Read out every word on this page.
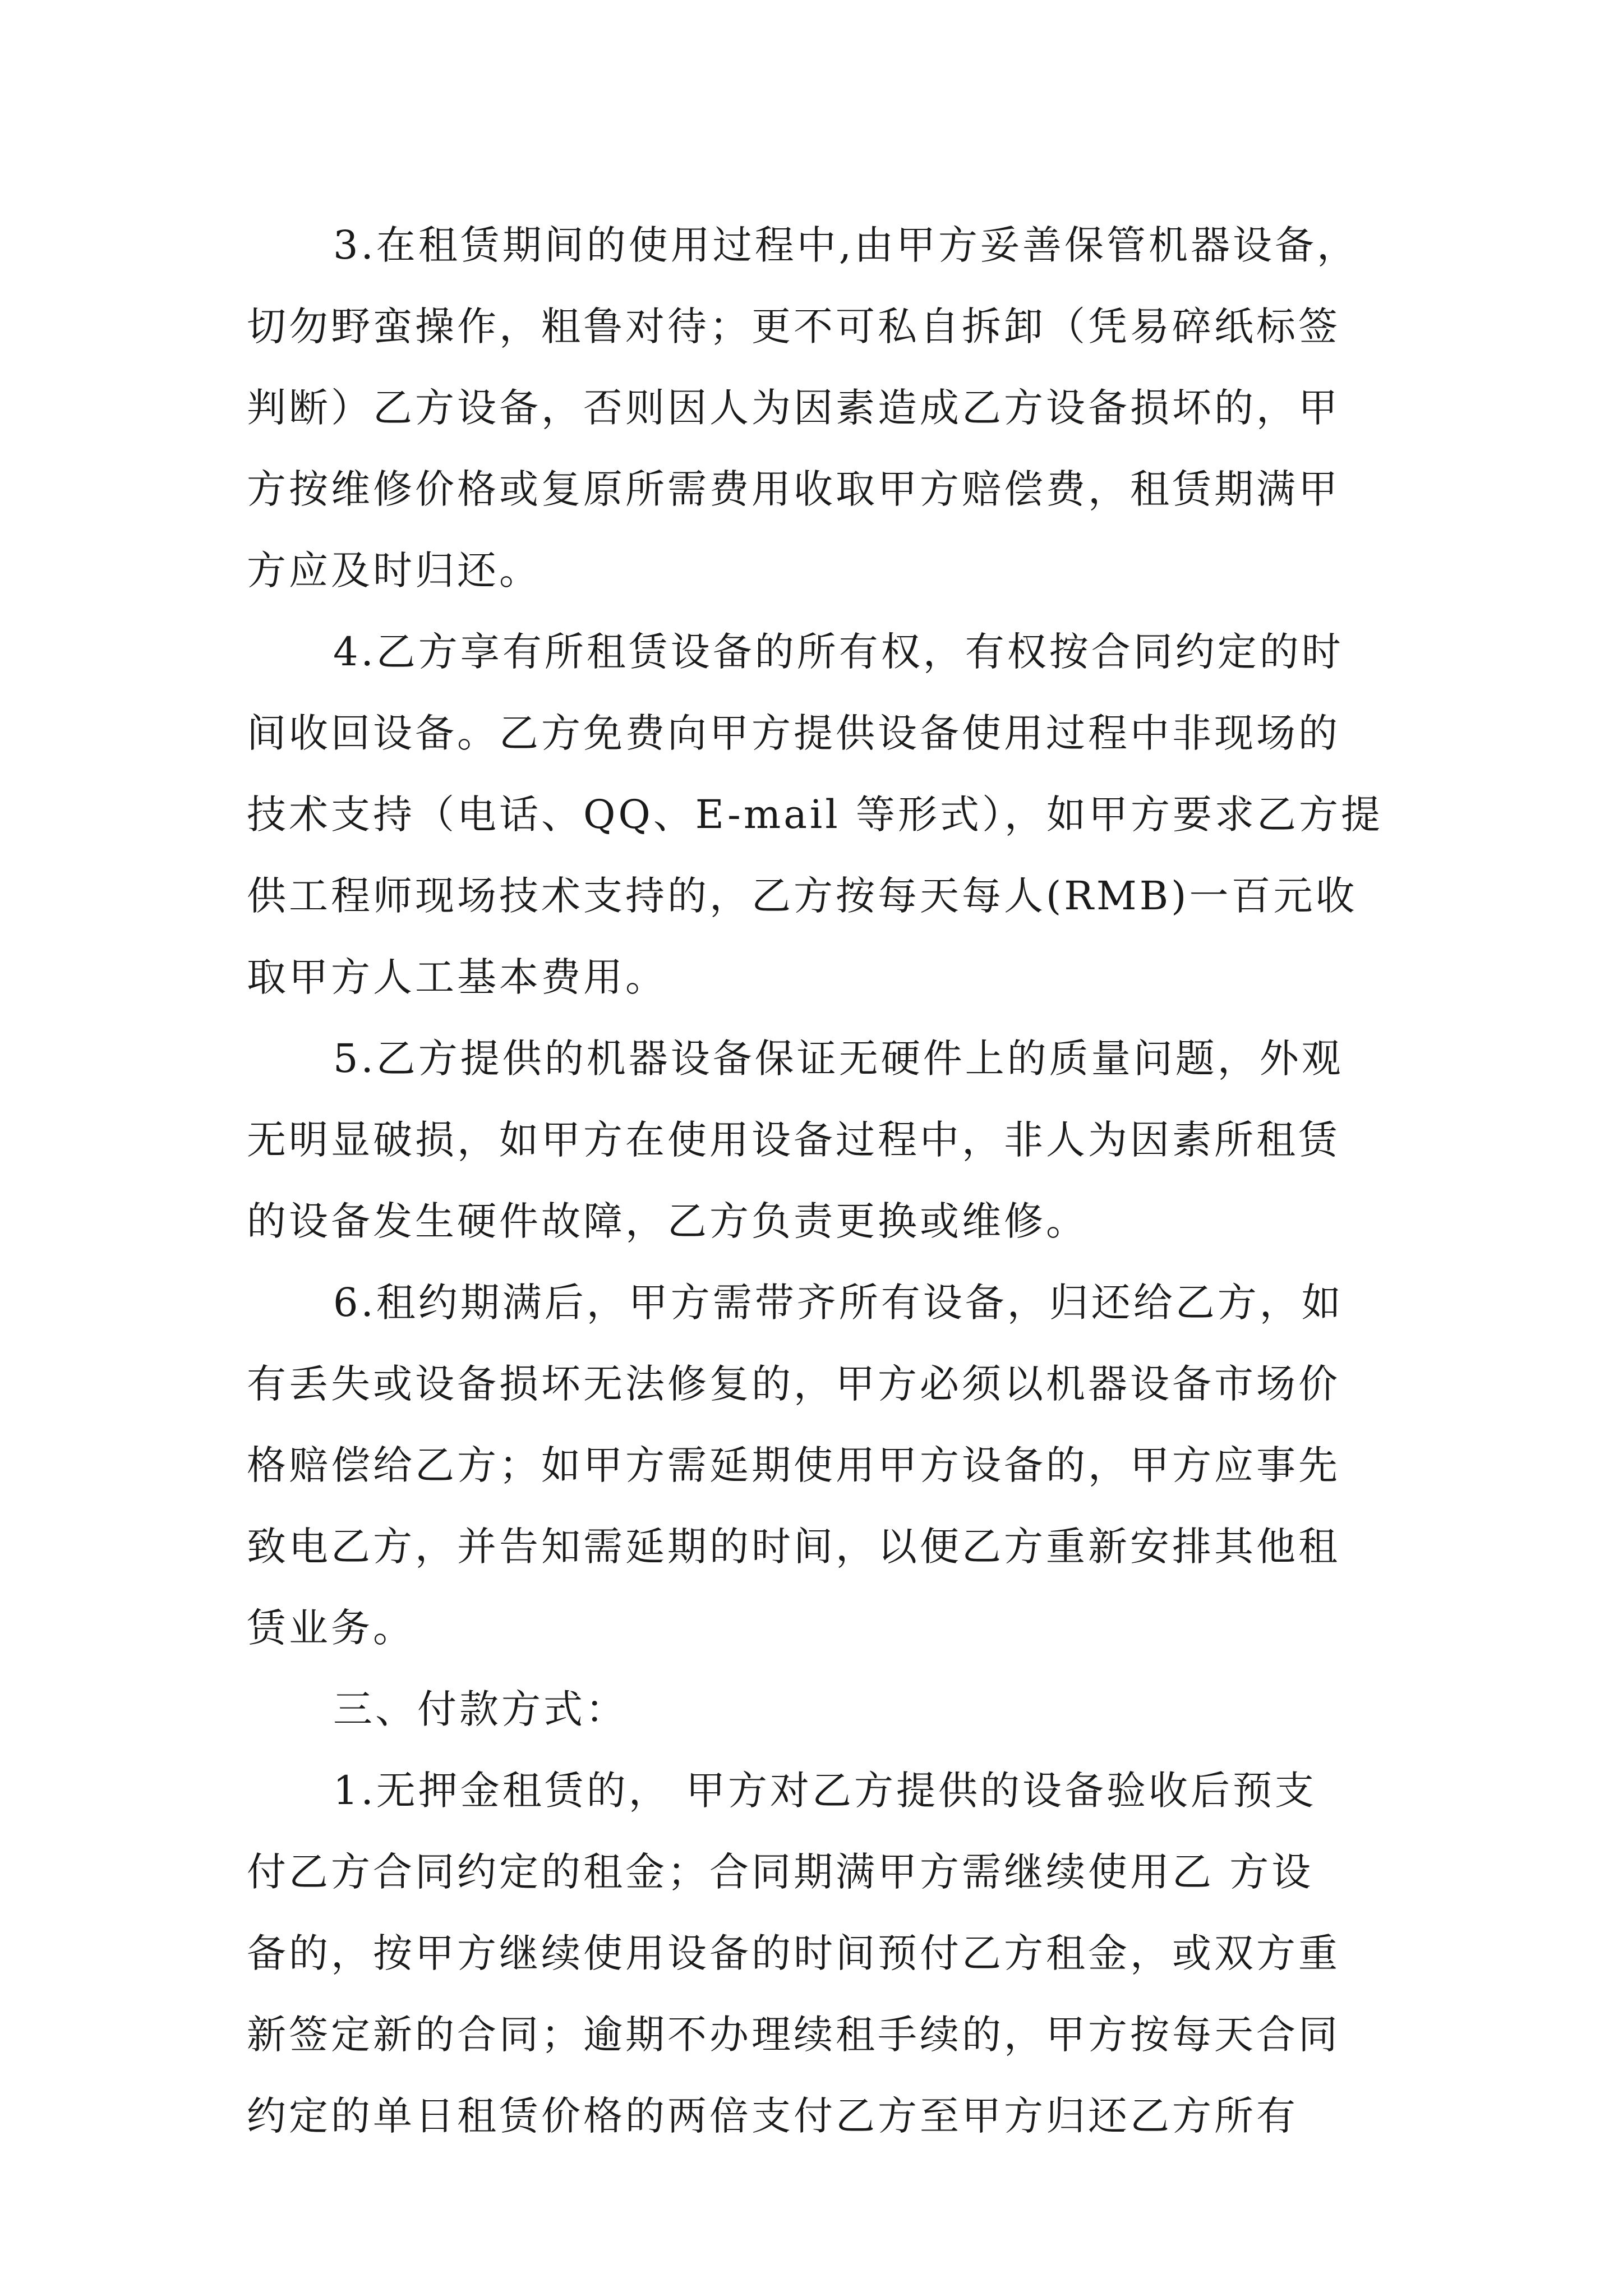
3.在租赁期间的使用过程中,由甲方妥善保管机器设备，
切勿野蛮操作，粗鲁对待；更不可私自拆卸（凭易碎纸标签
判断）乙方设备，否则因人为因素造成乙方设备损坏的，甲
方按维修价格或复原所需费用收取甲方赔偿费，租赁期满甲
方应及时归还。
4.乙方享有所租赁设备的所有权，有权按合同约定的时
间收回设备。乙方免费向甲方提供设备使用过程中非现场的
技术支持（电话、QQ、E-mail 等形式），如甲方要求乙方提
供工程师现场技术支持的，乙方按每天每人(RMB)一百元收
取甲方人工基本费用。
5.乙方提供的机器设备保证无硬件上的质量问题，外观
无明显破损，如甲方在使用设备过程中，非人为因素所租赁
的设备发生硬件故障，乙方负责更换或维修。
6.租约期满后，甲方需带齐所有设备，归还给乙方，如
有丢失或设备损坏无法修复的，甲方必须以机器设备市场价
格赔偿给乙方；如甲方需延期使用甲方设备的，甲方应事先
致电乙方，并告知需延期的时间，以便乙方重新安排其他租
赁业务。
三、付款方式：
1.无押金租赁的， 甲方对乙方提供的设备验收后预支
付乙方合同约定的租金；合同期满甲方需继续使用乙 方设
备的，按甲方继续使用设备的时间预付乙方租金，或双方重
新签定新的合同；逾期不办理续租手续的，甲方按每天合同
约定的单日租赁价格的两倍支付乙方至甲方归还乙方所有
